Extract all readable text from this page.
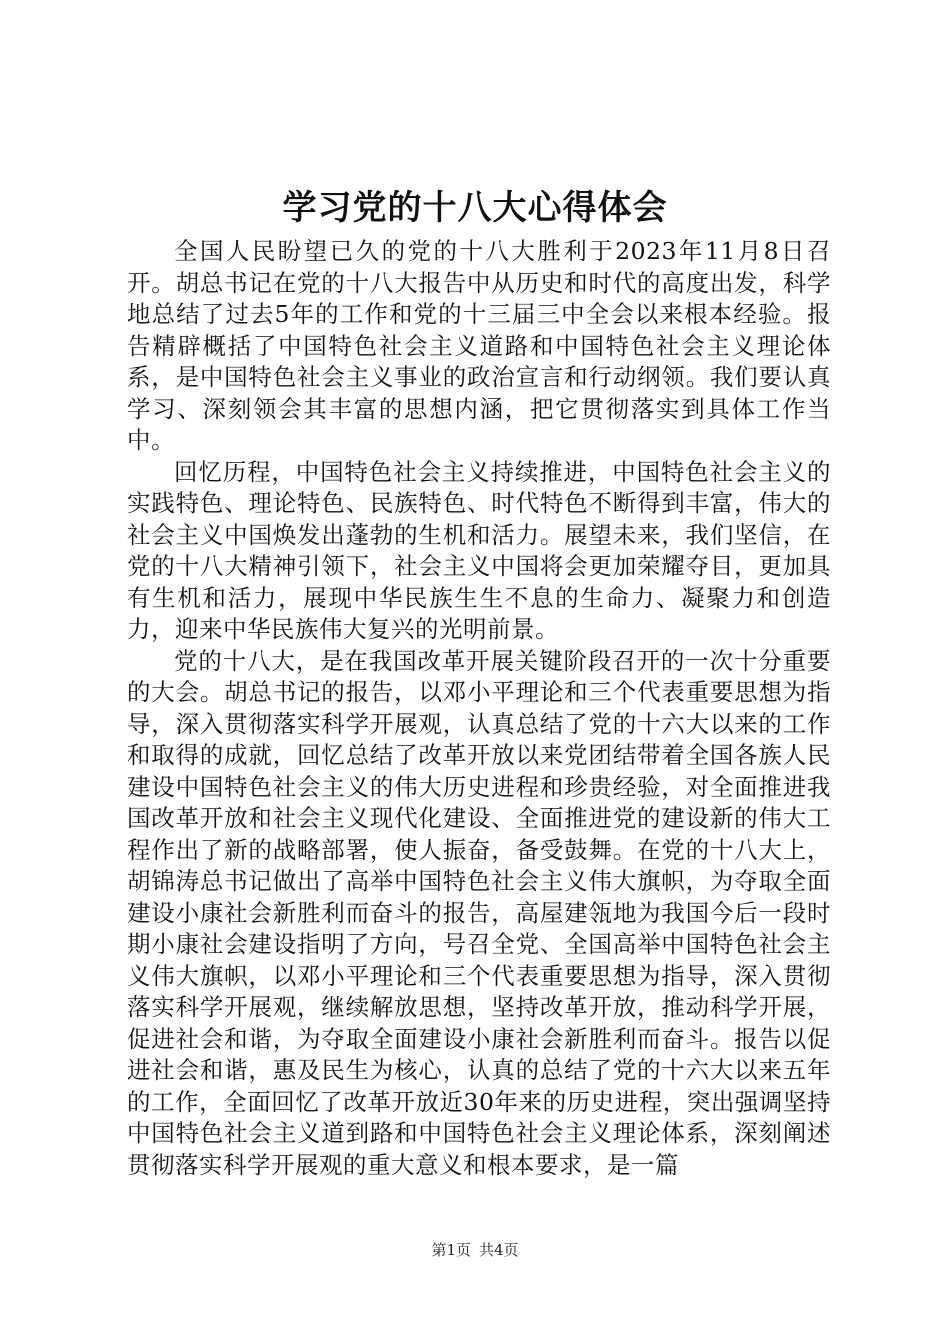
学习党的十八大心得体会

全国人民盼望已久的党的十八大胜利于2023年11月8日召开。胡总书记在党的十八大报告中从历史和时代的高度出发，科学地总结了过去5年的工作和党的十三届三中全会以来根本经验。报告精辟概括了中国特色社会主义道路和中国特色社会主义理论体系，是中国特色社会主义事业的政治宣言和行动纲领。我们要认真学习、深刻领会其丰富的思想内涵，把它贯彻落实到具体工作当中。

回忆历程，中国特色社会主义持续推进，中国特色社会主义的实践特色、理论特色、民族特色、时代特色不断得到丰富，伟大的社会主义中国焕发出蓬勃的生机和活力。展望未来，我们坚信，在党的十八大精神引领下，社会主义中国将会更加荣耀夺目，更加具有生机和活力，展现中华民族生生不息的生命力、凝聚力和创造力，迎来中华民族伟大复兴的光明前景。

党的十八大，是在我国改革开展关键阶段召开的一次十分重要的大会。胡总书记的报告，以邓小平理论和三个代表重要思想为指导，深入贯彻落实科学开展观，认真总结了党的十六大以来的工作和取得的成就，回忆总结了改革开放以来党团结带着全国各族人民建设中国特色社会主义的伟大历史进程和珍贵经验，对全面推进我国改革开放和社会主义现代化建设、全面推进党的建设新的伟大工程作出了新的战略部署，使人振奋，备受鼓舞。在党的十八大上，胡锦涛总书记做出了高举中国特色社会主义伟大旗帜，为夺取全面建设小康社会新胜利而奋斗的报告，高屋建瓴地为我国今后一段时期小康社会建设指明了方向，号召全党、全国高举中国特色社会主义伟大旗帜，以邓小平理论和三个代表重要思想为指导，深入贯彻落实科学开展观，继续解放思想，坚持改革开放，推动科学开展，促进社会和谐，为夺取全面建设小康社会新胜利而奋斗。报告以促进社会和谐，惠及民生为核心，认真的总结了党的十六大以来五年的工作，全面回忆了改革开放近30年来的历史进程，突出强调坚持中国特色社会主义道到路和中国特色社会主义理论体系，深刻阐述贯彻落实科学开展观的重大意义和根本要求，是一篇

第1页 共4页
